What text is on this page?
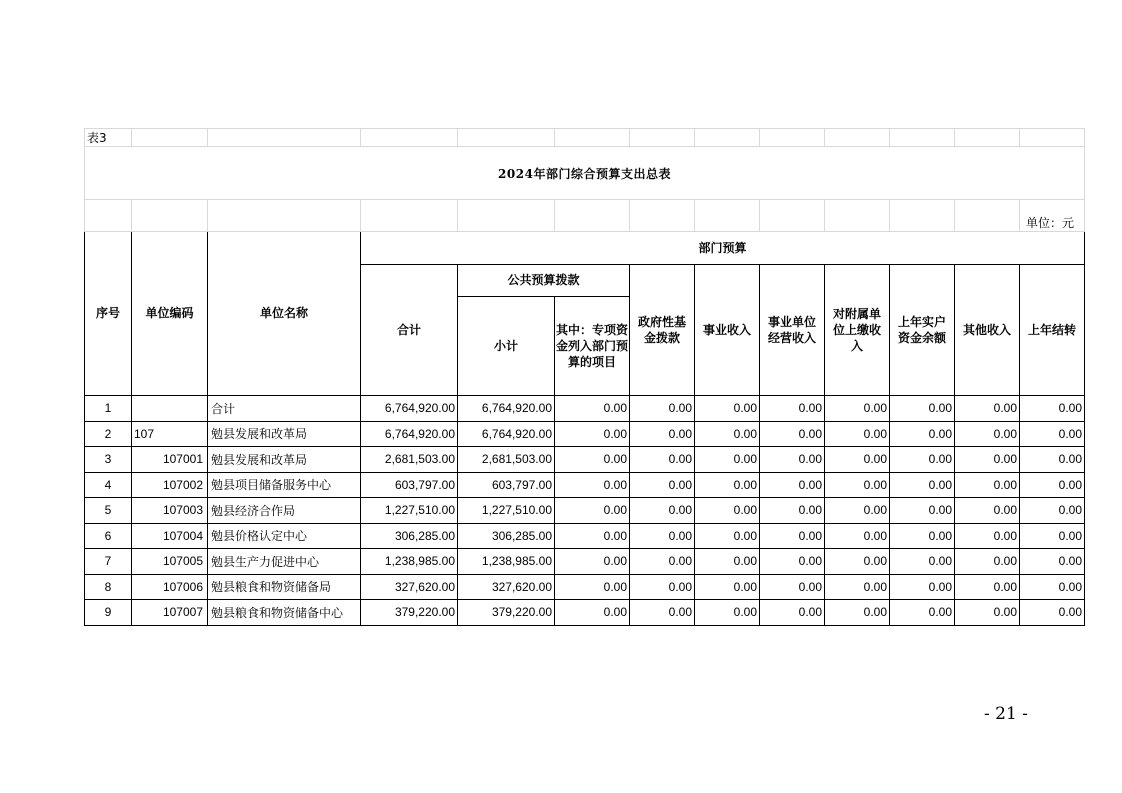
表3												
2024年部门综合预算支出总表												
												单位：元
序号	单位编码	单位名称	部门预算									
			合计	公共预算拨款		政府性基金拨款	事业收入	事业单位经营收入	对附属单位上缴收入	上年实户资金余额	其他收入	上年结转
				小计	其中：专项资金列入部门预算的项目							

1		合计	6,764,920.00	6,764,920.00	0.00	0.00	0.00	0.00	0.00	0.00	0.00	0.00
2	107	勉县发展和改革局	6,764,920.00	6,764,920.00	0.00	0.00	0.00	0.00	0.00	0.00	0.00	0.00
3	107001	勉县发展和改革局	2,681,503.00	2,681,503.00	0.00	0.00	0.00	0.00	0.00	0.00	0.00	0.00
4	107002	勉县项目储备服务中心	603,797.00	603,797.00	0.00	0.00	0.00	0.00	0.00	0.00	0.00	0.00
5	107003	勉县经济合作局	1,227,510.00	1,227,510.00	0.00	0.00	0.00	0.00	0.00	0.00	0.00	0.00
6	107004	勉县价格认定中心	306,285.00	306,285.00	0.00	0.00	0.00	0.00	0.00	0.00	0.00	0.00
7	107005	勉县生产力促进中心	1,238,985.00	1,238,985.00	0.00	0.00	0.00	0.00	0.00	0.00	0.00	0.00
8	107006	勉县粮食和物资储备局	327,620.00	327,620.00	0.00	0.00	0.00	0.00	0.00	0.00	0.00	0.00
9	107007	勉县粮食和物资储备中心	379,220.00	379,220.00	0.00	0.00	0.00	0.00	0.00	0.00	0.00	0.00
- 21 -
